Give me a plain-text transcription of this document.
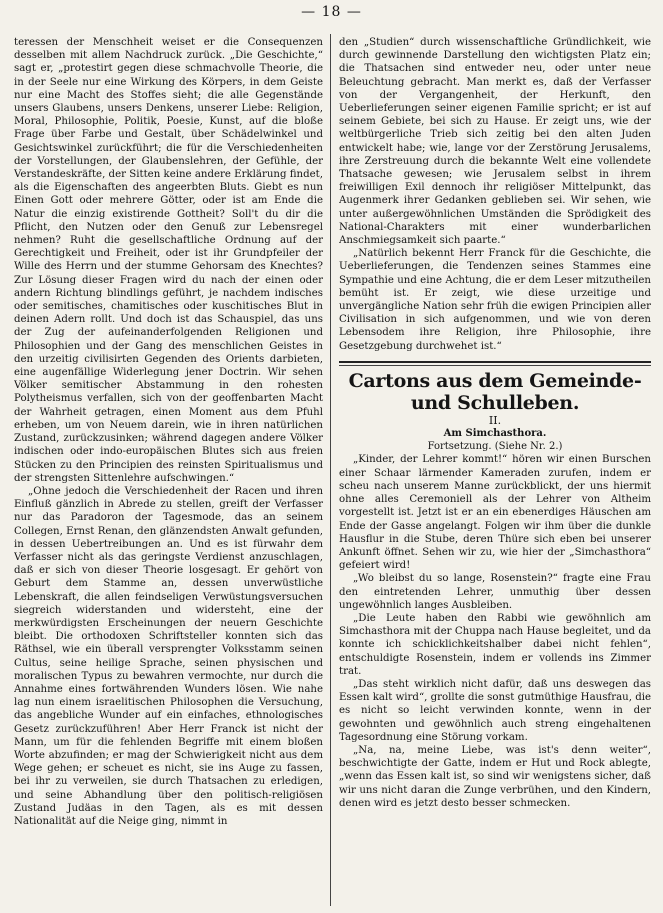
— 18 —

teressen der Menschheit weiset er die Consequenzen desselben mit allem Nachdruck zurück. „Die Geschichte,“ sagt er, „protestirt gegen diese schmachvolle Theorie, die in der Seele nur eine Wirkung des Körpers, in dem Geiste nur eine Macht des Stoffes sieht; die alle Gegenstände unsers Glaubens, unsers Denkens, unserer Liebe: Religion, Moral, Philosophie, Politik, Poesie, Kunst, auf die bloße Frage über Farbe und Gestalt, über Schädelwinkel und Gesichtswinkel zurückführt; die für die Verschiedenheiten der Vorstellungen, der Glaubenslehren, der Gefühle, der Verstandeskräfte, der Sitten keine andere Erklärung findet, als die Eigenschaften des angeerbten Bluts. Giebt es nun Einen Gott oder mehrere Götter, oder ist am Ende die Natur die einzig existirende Gottheit? Soll't du dir die Pflicht, den Nutzen oder den Genuß zur Lebensregel nehmen? Ruht die gesellschaftliche Ordnung auf der Gerechtigkeit und Freiheit, oder ist ihr Grundpfeiler der Wille des Herrn und der stumme Gehorsam des Knechtes? Zur Lösung dieser Fragen wird du nach der einen oder andern Richtung blindlings geführt, je nachdem indisches oder semitisches, chamitisches oder kuschitisches Blut in deinen Adern rollt. Und doch ist das Schauspiel, das uns der Zug der aufeinanderfolgenden Religionen und Philosophien und der Gang des menschlichen Geistes in den urzeitig civilisirten Gegenden des Orients darbieten, eine augenfällige Widerlegung jener Doctrin. Wir sehen Völker semitischer Abstammung in den rohesten Polytheismus verfallen, sich von der geoffenbarten Macht der Wahrheit getragen, einen Moment aus dem Pfuhl erheben, um von Neuem darein, wie in ihren natürlichen Zustand, zurückzusinken; während dagegen andere Völker indischen oder indo-europäischen Blutes sich aus freien Stücken zu den Principien des reinsten Spiritualismus und der strengsten Sittenlehre aufschwingen.“

„Ohne jedoch die Verschiedenheit der Racen und ihren Einfluß gänzlich in Abrede zu stellen, greift der Verfasser nur das Paradoron der Tagesmode, das an seinem Collegen, Ernst Renan, den glänzendsten Anwalt gefunden, in dessen Uebertreibungen an. Und es ist fürwahr dem Verfasser nicht als das geringste Verdienst anzuschlagen, daß er sich von dieser Theorie losgesagt. Er gehört von Geburt dem Stamme an, dessen unverwüstliche Lebenskraft, die allen feindseligen Verwüstungsversuchen siegreich widerstanden und widersteht, eine der merkwürdigsten Erscheinungen der neuern Geschichte bleibt. Die orthodoxen Schriftsteller konnten sich das Räthsel, wie ein überall versprengter Volksstamm seinen Cultus, seine heilige Sprache, seinen physischen und moralischen Typus zu bewahren vermochte, nur durch die Annahme eines fortwährenden Wunders lösen. Wie nahe lag nun einem israelitischen Philosophen die Versuchung, das angebliche Wunder auf ein einfaches, ethnologisches Gesetz zurückzuführen! Aber Herr Franck ist nicht der Mann, um für die fehlenden Begriffe mit einem bloßen Worte abzufinden; er mag der Schwierigkeit nicht aus dem Wege gehen; er scheuet es nicht, sie ins Auge zu fassen, bei ihr zu verweilen, sie durch Thatsachen zu erledigen, und seine Abhandlung über den politisch-religiösen Zustand Judäas in den Tagen, als es mit dessen Nationalität auf die Neige ging, nimmt in

den „Studien“ durch wissenschaftliche Gründlichkeit, wie durch gewinnende Darstellung den wichtigsten Platz ein; die Thatsachen sind entweder neu, oder unter neue Beleuchtung gebracht. Man merkt es, daß der Verfasser von der Vergangenheit, der Herkunft, den Ueberlieferungen seiner eigenen Familie spricht; er ist auf seinem Gebiete, bei sich zu Hause. Er zeigt uns, wie der weltbürgerliche Trieb sich zeitig bei den alten Juden entwickelt habe; wie, lange vor der Zerstörung Jerusalems, ihre Zerstreuung durch die bekannte Welt eine vollendete Thatsache gewesen; wie Jerusalem selbst in ihrem freiwilligen Exil dennoch ihr religiöser Mittelpunkt, das Augenmerk ihrer Gedanken geblieben sei. Wir sehen, wie unter außergewöhnlichen Umständen die Sprödigkeit des National-Charakters mit einer wunderbarlichen Anschmiegsamkeit sich paarte.“

„Natürlich bekennt Herr Franck für die Geschichte, die Ueberlieferungen, die Tendenzen seines Stammes eine Sympathie und eine Achtung, die er dem Leser mitzutheilen bemüht ist. Er zeigt, wie diese urzeitige und unvergängliche Nation sehr früh die ewigen Principien aller Civilisation in sich aufgenommen, und wie von deren Lebensodem ihre Religion, ihre Philosophie, ihre Gesetzgebung durchwehet ist.“

Cartons aus dem Gemeinde- und Schulleben.

II.

Am Simchasthora.

Fortsetzung. (Siehe Nr. 2.)

„Kinder, der Lehrer kommt!“ hören wir einen Burschen einer Schaar lärmender Kameraden zurufen, indem er scheu nach unserem Manne zurückblickt, der uns hiermit ohne alles Ceremoniell als der Lehrer von Altheim vorgestellt ist. Jetzt ist er an ein ebenerdiges Häuschen am Ende der Gasse angelangt. Folgen wir ihm über die dunkle Hausflur in die Stube, deren Thüre sich eben bei unserer Ankunft öffnet. Sehen wir zu, wie hier der „Simchasthora“ gefeiert wird!

„Wo bleibst du so lange, Rosenstein?“ fragte eine Frau den eintretenden Lehrer, unmuthig über dessen ungewöhnlich langes Ausbleiben.

„Die Leute haben den Rabbi wie gewöhnlich am Simchasthora mit der Chuppa nach Hause begleitet, und da konnte ich schicklichkeitshalber dabei nicht fehlen“, entschuldigte Rosenstein, indem er vollends ins Zimmer trat.

„Das steht wirklich nicht dafür, daß uns deswegen das Essen kalt wird“, grollte die sonst gutmüthige Hausfrau, die es nicht so leicht verwinden konnte, wenn in der gewohnten und gewöhnlich auch streng eingehaltenen Tagesordnung eine Störung vorkam.

„Na, na, meine Liebe, was ist's denn weiter“, beschwichtigte der Gatte, indem er Hut und Rock ablegte, „wenn das Essen kalt ist, so sind wir wenigstens sicher, daß wir uns nicht daran die Zunge verbrühen, und den Kindern, denen wird es jetzt desto besser schmecken.
